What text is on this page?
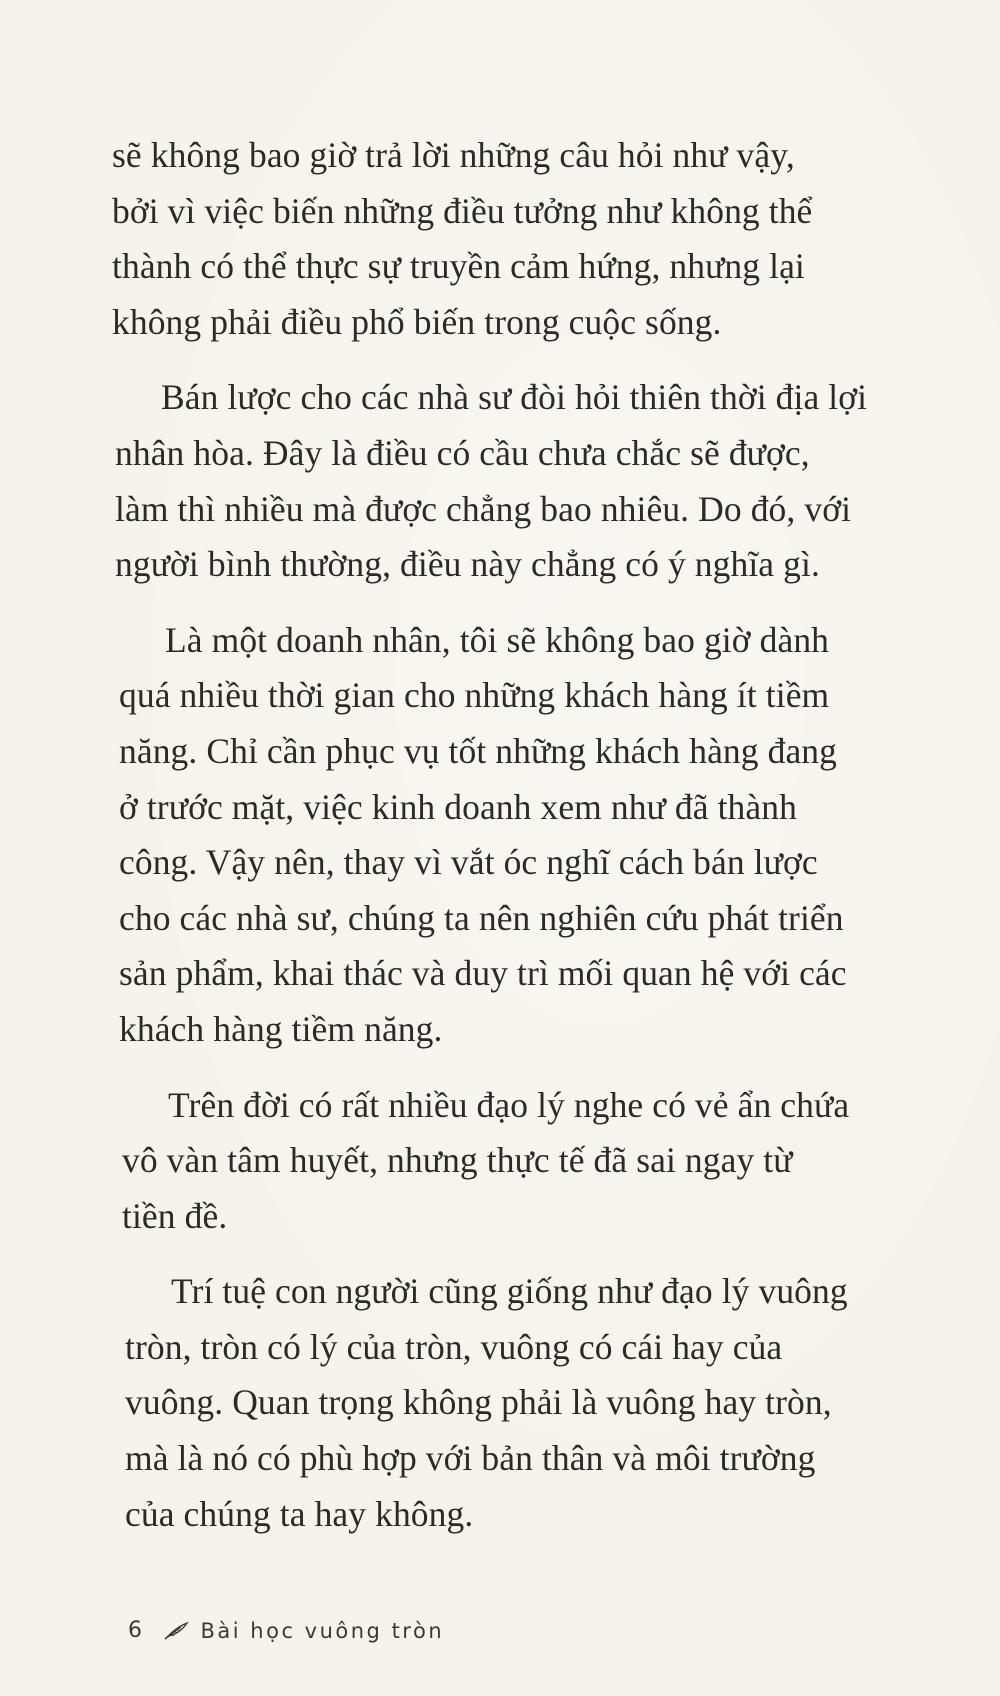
sẽ không bao giờ trả lời những câu hỏi như vậy,
bởi vì việc biến những điều tưởng như không thể
thành có thể thực sự truyền cảm hứng, nhưng lại
không phải điều phổ biến trong cuộc sống.

Bán lược cho các nhà sư đòi hỏi thiên thời địa lợi
nhân hòa. Đây là điều có cầu chưa chắc sẽ được,
làm thì nhiều mà được chẳng bao nhiêu. Do đó, với
người bình thường, điều này chẳng có ý nghĩa gì.

Là một doanh nhân, tôi sẽ không bao giờ dành
quá nhiều thời gian cho những khách hàng ít tiềm
năng. Chỉ cần phục vụ tốt những khách hàng đang
ở trước mặt, việc kinh doanh xem như đã thành
công. Vậy nên, thay vì vắt óc nghĩ cách bán lược
cho các nhà sư, chúng ta nên nghiên cứu phát triển
sản phẩm, khai thác và duy trì mối quan hệ với các
khách hàng tiềm năng.

Trên đời có rất nhiều đạo lý nghe có vẻ ẩn chứa
vô vàn tâm huyết, nhưng thực tế đã sai ngay từ
tiền đề.

Trí tuệ con người cũng giống như đạo lý vuông
tròn, tròn có lý của tròn, vuông có cái hay của
vuông. Quan trọng không phải là vuông hay tròn,
mà là nó có phù hợp với bản thân và môi trường
của chúng ta hay không.

6	Bài học vuông tròn
